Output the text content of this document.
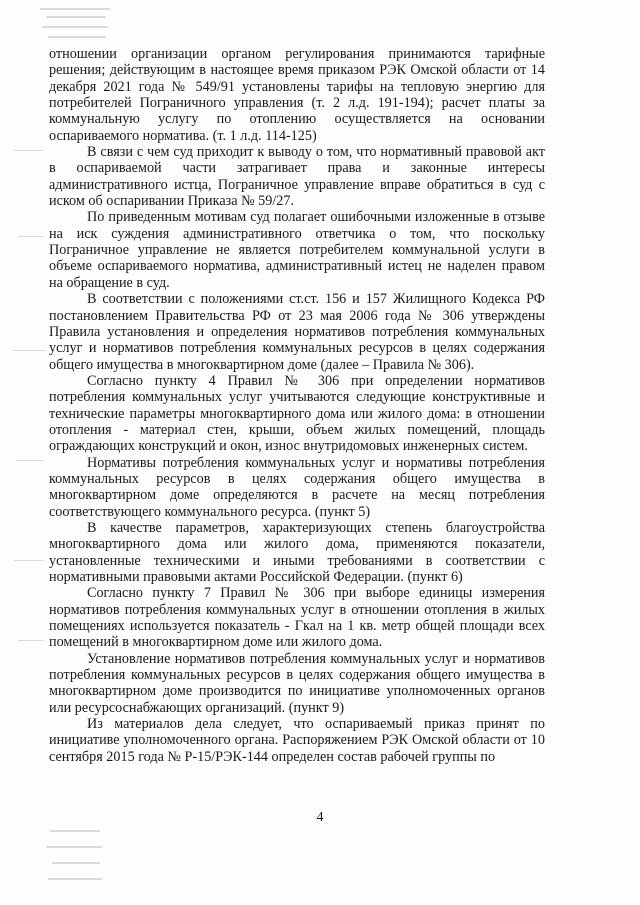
отношении организации органом регулирования принимаются тарифные решения; действующим в настоящее время приказом РЭК Омской области от 14 декабря 2021 года № 549/91 установлены тарифы на тепловую энергию для потребителей Пограничного управления (т. 2 л.д. 191-194); расчет платы за коммунальную услугу по отоплению осуществляется на основании оспариваемого норматива. (т. 1 л.д. 114-125)

В связи с чем суд приходит к выводу о том, что нормативный правовой акт в оспариваемой части затрагивает права и законные интересы административного истца, Пограничное управление вправе обратиться в суд с иском об оспаривании Приказа № 59/27.

По приведенным мотивам суд полагает ошибочными изложенные в отзыве на иск суждения административного ответчика о том, что поскольку Пограничное управление не является потребителем коммунальной услуги в объеме оспариваемого норматива, административный истец не наделен правом на обращение в суд.

В соответствии с положениями ст.ст. 156 и 157 Жилищного Кодекса РФ постановлением Правительства РФ от 23 мая 2006 года № 306 утверждены Правила установления и определения нормативов потребления коммунальных услуг и нормативов потребления коммунальных ресурсов в целях содержания общего имущества в многоквартирном доме (далее – Правила № 306).

Согласно пункту 4 Правил № 306 при определении нормативов потребления коммунальных услуг учитываются следующие конструктивные и технические параметры многоквартирного дома или жилого дома: в отношении отопления - материал стен, крыши, объем жилых помещений, площадь ограждающих конструкций и окон, износ внутридомовых инженерных систем.

Нормативы потребления коммунальных услуг и нормативы потребления коммунальных ресурсов в целях содержания общего имущества в многоквартирном доме определяются в расчете на месяц потребления соответствующего коммунального ресурса. (пункт 5)

В качестве параметров, характеризующих степень благоустройства многоквартирного дома или жилого дома, применяются показатели, установленные техническими и иными требованиями в соответствии с нормативными правовыми актами Российской Федерации. (пункт 6)

Согласно пункту 7 Правил № 306 при выборе единицы измерения нормативов потребления коммунальных услуг в отношении отопления в жилых помещениях используется показатель - Гкал на 1 кв. метр общей площади всех помещений в многоквартирном доме или жилого дома.

Установление нормативов потребления коммунальных услуг и нормативов потребления коммунальных ресурсов в целях содержания общего имущества в многоквартирном доме производится по инициативе уполномоченных органов или ресурсоснабжающих организаций. (пункт 9)

Из материалов дела следует, что оспариваемый приказ принят по инициативе уполномоченного органа. Распоряжением РЭК Омской области от 10 сентября 2015 года № Р-15/РЭК-144 определен состав рабочей группы по

4
